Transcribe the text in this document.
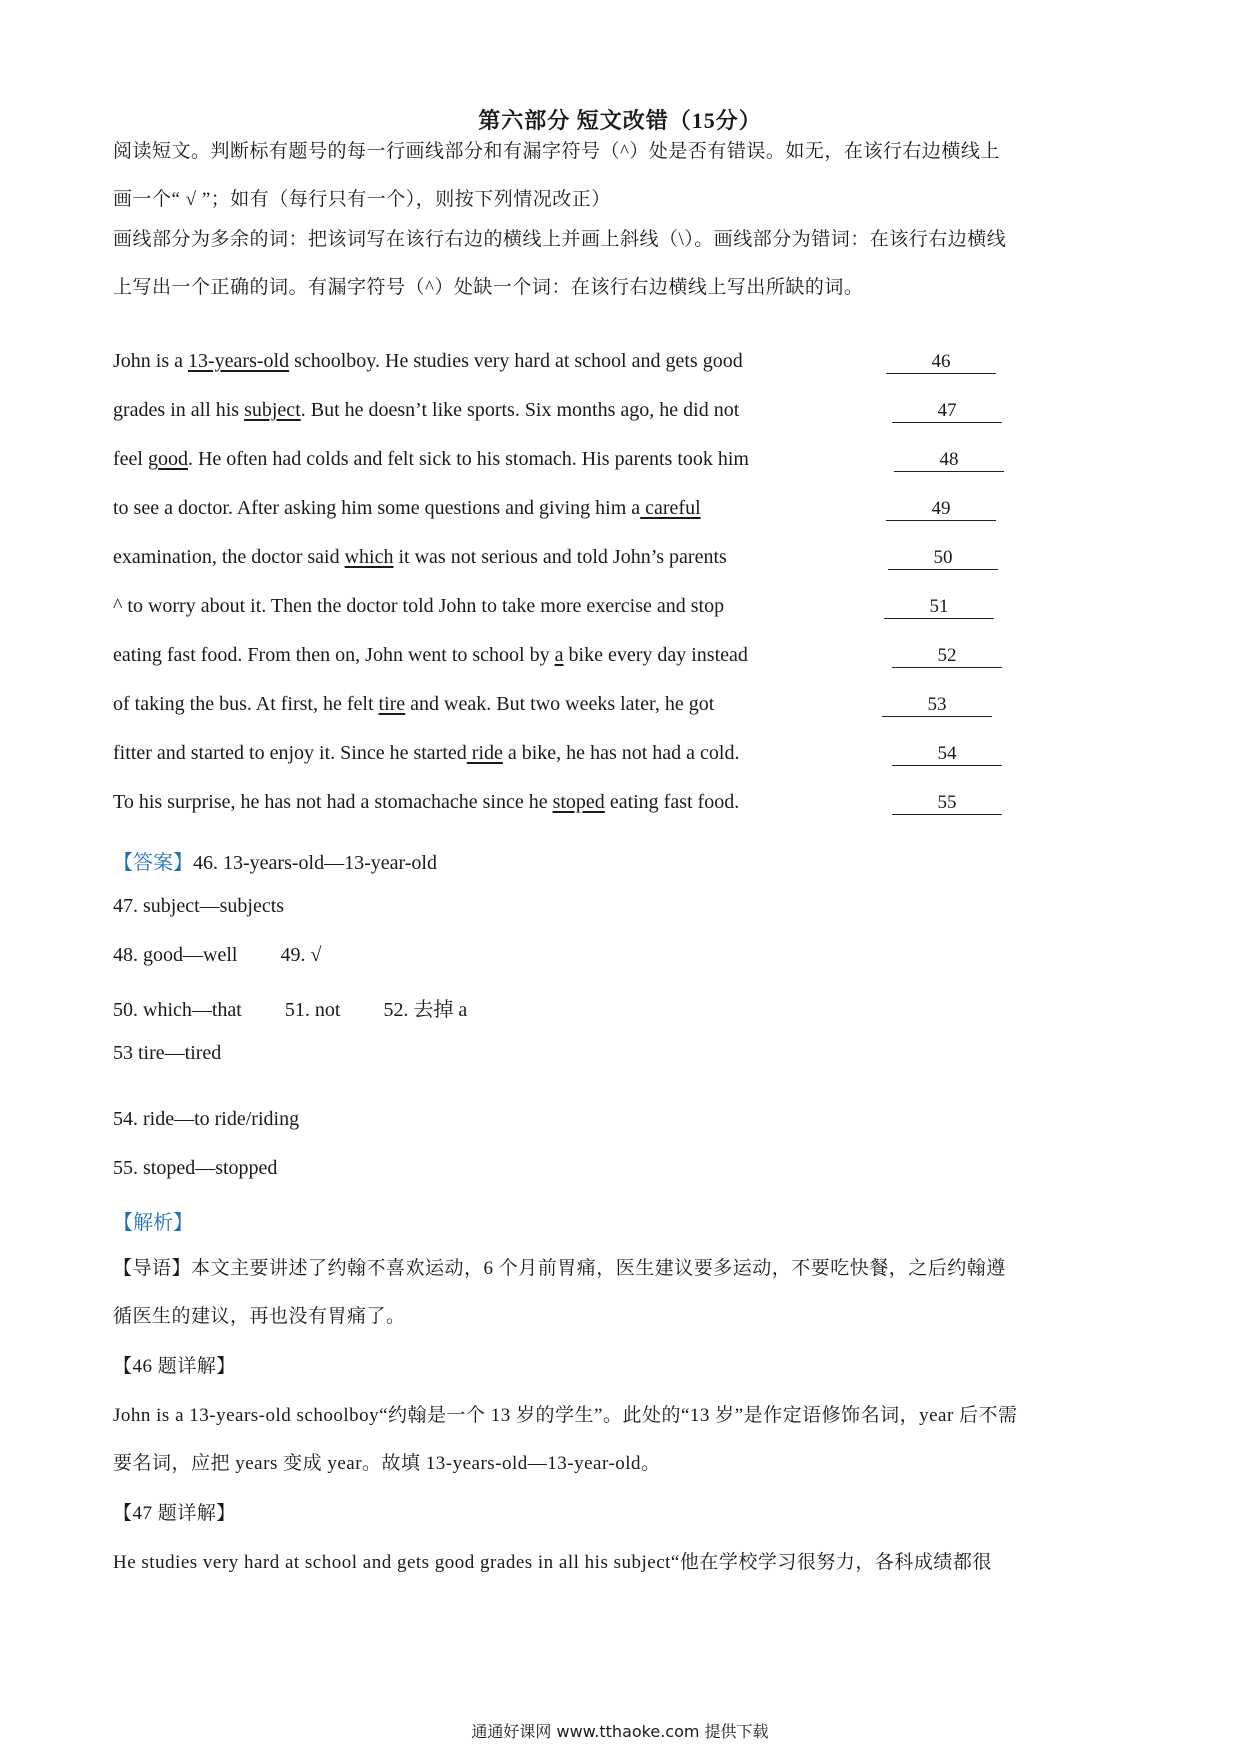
第六部分 短文改错（15分）
阅读短文。判断标有题号的每一行画线部分和有漏字符号（^）处是否有错误。如无，在该行右边横线上
画一个“ √ ”；如有（每行只有一个），则按下列情况改正）
画线部分为多余的词：把该词写在该行右边的横线上并画上斜线（\）。画线部分为错词：在该行右边横线
上写出一个正确的词。有漏字符号（^）处缺一个词：在该行右边横线上写出所缺的词。
John is a 13-years-old schoolboy. He studies very hard at school and gets good	46
grades in all his subject. But he doesn’t like sports. Six months ago, he did not	47
feel good. He often had colds and felt sick to his stomach. His parents took him	48
to see a doctor. After asking him some questions and giving him a careful	49
examination, the doctor said which it was not serious and told John’s parents	50
^ to worry about it. Then the doctor told John to take more exercise and stop	51
eating fast food. From then on, John went to school by a bike every day instead	52
of taking the bus. At first, he felt tire and weak. But two weeks later, he got	53
fitter and started to enjoy it. Since he started ride a bike, he has not had a cold.	54
To his surprise, he has not had a stomachache since he stoped eating fast food.	55
【答案】46. 13-years-old—13-year-old
47. subject—subjects
48. good—well 49. √
50. which—that 51. not 52. 去掉 a
53 tire—tired
54. ride—to ride/riding
55. stoped—stopped
【解析】
【导语】本文主要讲述了约翰不喜欢运动，6 个月前胃痛，医生建议要多运动，不要吃快餐，之后约翰遵
循医生的建议，再也没有胃痛了。
【46 题详解】
John is a 13-years-old schoolboy“约翰是一个 13 岁的学生”。此处的“13 岁”是作定语修饰名词，year 后不需
要名词，应把 years 变成 year。故填 13-years-old—13-year-old。
【47 题详解】
He studies very hard at school and gets good grades in all his subject“他在学校学习很努力，各科成绩都很
通通好课网 www.tthaoke.com 提供下载
